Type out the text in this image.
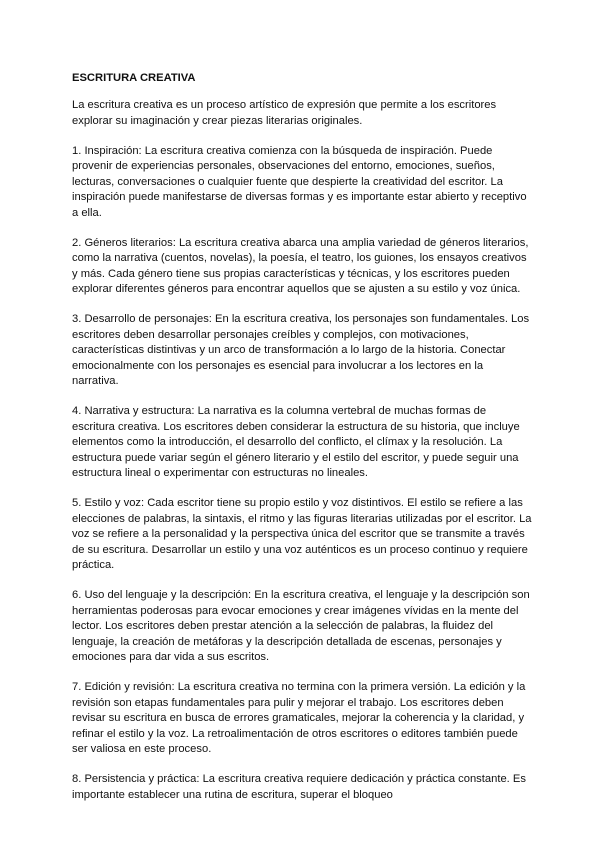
ESCRITURA CREATIVA

La escritura creativa es un proceso artístico de expresión que permite a los escritores explorar su imaginación y crear piezas literarias originales.

1. Inspiración: La escritura creativa comienza con la búsqueda de inspiración. Puede provenir de experiencias personales, observaciones del entorno, emociones, sueños, lecturas, conversaciones o cualquier fuente que despierte la creatividad del escritor. La inspiración puede manifestarse de diversas formas y es importante estar abierto y receptivo a ella.

2. Géneros literarios: La escritura creativa abarca una amplia variedad de géneros literarios, como la narrativa (cuentos, novelas), la poesía, el teatro, los guiones, los ensayos creativos y más. Cada género tiene sus propias características y técnicas, y los escritores pueden explorar diferentes géneros para encontrar aquellos que se ajusten a su estilo y voz única.

3. Desarrollo de personajes: En la escritura creativa, los personajes son fundamentales. Los escritores deben desarrollar personajes creíbles y complejos, con motivaciones, características distintivas y un arco de transformación a lo largo de la historia. Conectar emocionalmente con los personajes es esencial para involucrar a los lectores en la narrativa.

4. Narrativa y estructura: La narrativa es la columna vertebral de muchas formas de escritura creativa. Los escritores deben considerar la estructura de su historia, que incluye elementos como la introducción, el desarrollo del conflicto, el clímax y la resolución. La estructura puede variar según el género literario y el estilo del escritor, y puede seguir una estructura lineal o experimentar con estructuras no lineales.

5. Estilo y voz: Cada escritor tiene su propio estilo y voz distintivos. El estilo se refiere a las elecciones de palabras, la sintaxis, el ritmo y las figuras literarias utilizadas por el escritor. La voz se refiere a la personalidad y la perspectiva única del escritor que se transmite a través de su escritura. Desarrollar un estilo y una voz auténticos es un proceso continuo y requiere práctica.

6. Uso del lenguaje y la descripción: En la escritura creativa, el lenguaje y la descripción son herramientas poderosas para evocar emociones y crear imágenes vívidas en la mente del lector. Los escritores deben prestar atención a la selección de palabras, la fluidez del lenguaje, la creación de metáforas y la descripción detallada de escenas, personajes y emociones para dar vida a sus escritos.

7. Edición y revisión: La escritura creativa no termina con la primera versión. La edición y la revisión son etapas fundamentales para pulir y mejorar el trabajo. Los escritores deben revisar su escritura en busca de errores gramaticales, mejorar la coherencia y la claridad, y refinar el estilo y la voz. La retroalimentación de otros escritores o editores también puede ser valiosa en este proceso.

8. Persistencia y práctica: La escritura creativa requiere dedicación y práctica constante. Es importante establecer una rutina de escritura, superar el bloqueo
